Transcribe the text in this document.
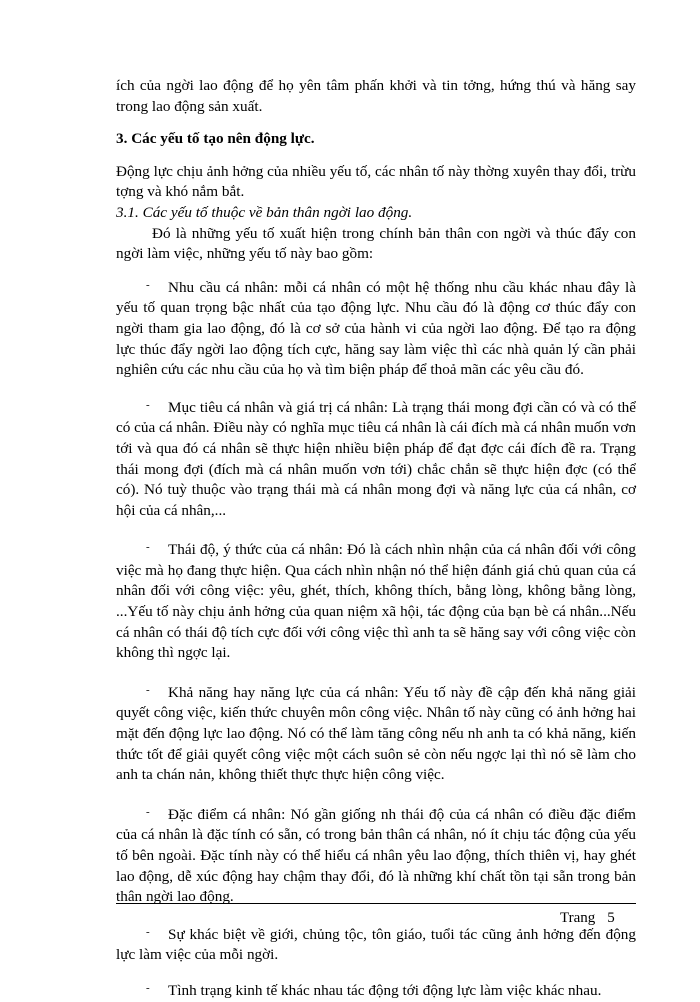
ích của ngời lao động để họ yên tâm phấn khởi và tin tởng, hứng thú và hăng say trong lao động sản xuất.

3. Các yếu tố tạo nên động lực.

Động lực chịu ảnh hởng của nhiều yếu tố, các nhân tố này thờng xuyên thay đổi, trừu tợng và khó nắm bắt.

3.1. Các yếu tố thuộc về bản thân ngời lao động.

Đó là những yếu tố xuất hiện trong chính bản thân con ngời và thúc đẩy con ngời làm việc, những yếu tố này bao gồm:

- Nhu cầu cá nhân: mỗi cá nhân có một hệ thống nhu cầu khác nhau đây là yếu tố quan trọng bậc nhất của tạo động lực. Nhu cầu đó là động cơ thúc đẩy con ngời tham gia lao động, đó là cơ sở của hành vi của ngời lao động. Để tạo ra động lực thúc đẩy ngời lao động tích cực, hăng say làm việc thì các nhà quản lý cần phải nghiên cứu các nhu cầu của họ và tìm biện pháp để thoả mãn các yêu cầu đó.

- Mục tiêu cá nhân và giá trị cá nhân: Là trạng thái mong đợi cần có và có thể có của cá nhân. Điều này có nghĩa mục tiêu cá nhân là cái đích mà cá nhân muốn vơn tới và qua đó cá nhân sẽ thực hiện nhiều biện pháp để đạt đợc cái đích đề ra. Trạng thái mong đợi (đích mà cá nhân muốn vơn tới) chắc chắn sẽ thực hiện đợc (có thể có). Nó tuỳ thuộc vào trạng thái mà cá nhân mong đợi và năng lực của cá nhân, cơ hội của cá nhân,...

- Thái độ, ý thức của cá nhân: Đó là cách nhìn nhận của cá nhân đối với công việc mà họ đang thực hiện. Qua cách nhìn nhận nó thể hiện đánh giá chủ quan của cá nhân đối với công việc: yêu, ghét, thích, không thích, bằng lòng, không bằng lòng, ...Yếu tố này chịu ảnh hởng của quan niệm xã hội, tác động của bạn bè cá nhân...Nếu cá nhân có thái độ tích cực đối với công việc thì anh ta sẽ hăng say với công việc còn không thì ngợc lại.

- Khả năng hay năng lực của cá nhân: Yếu tố này đề cập đến khả năng giải quyết công việc, kiến thức chuyên môn công việc. Nhân tố này cũng có ảnh hởng hai mặt đến động lực lao động. Nó có thể làm tăng công nếu nh anh ta có khả năng, kiến thức tốt để giải quyết công việc một cách suôn sẻ còn nếu ngợc lại thì nó sẽ làm cho anh ta chán nản, không thiết thực thực hiện công việc.

- Đặc điểm cá nhân: Nó gần giống nh thái độ của cá nhân có điều đặc điểm của cá nhân là đặc tính có sẵn, có trong bản thân cá nhân, nó ít chịu tác động của yếu tố bên ngoài. Đặc tính này có thể hiểu cá nhân yêu lao động, thích thiên vị, hay ghét lao động, dễ xúc động hay chậm thay đổi, đó là những khí chất tồn tại sẵn trong bản thân ngời lao động.

- Sự khác biệt về giới, chủng tộc, tôn giáo, tuổi tác cũng ảnh hởng đến động lực làm việc của mỗi ngời.

- Tình trạng kinh tế khác nhau tác động tới động lực làm việc khác nhau.

Trang 5
